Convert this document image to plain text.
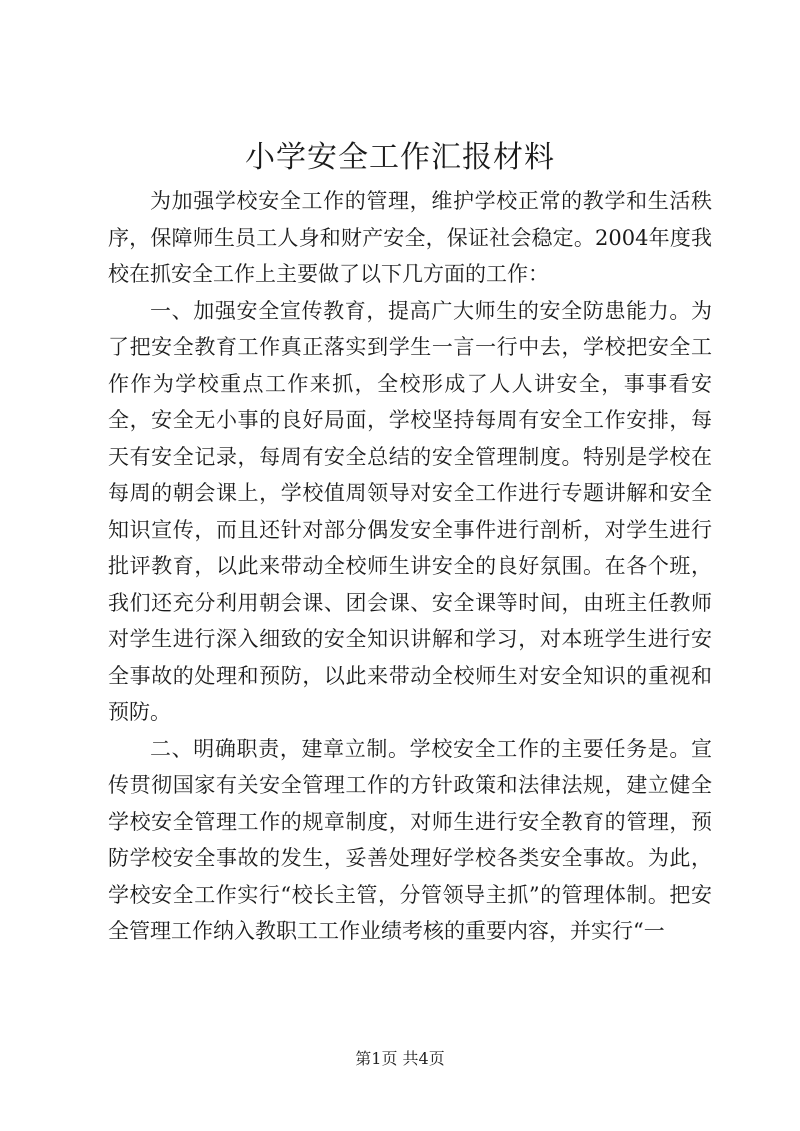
小学安全工作汇报材料

为加强学校安全工作的管理，维护学校正常的教学和生活秩序，保障师生员工人身和财产安全，保证社会稳定。2004年度我校在抓安全工作上主要做了以下几方面的工作：

一、加强安全宣传教育，提高广大师生的安全防患能力。为了把安全教育工作真正落实到学生一言一行中去，学校把安全工作作为学校重点工作来抓，全校形成了人人讲安全，事事看安全，安全无小事的良好局面，学校坚持每周有安全工作安排，每天有安全记录，每周有安全总结的安全管理制度。特别是学校在每周的朝会课上，学校值周领导对安全工作进行专题讲解和安全知识宣传，而且还针对部分偶发安全事件进行剖析，对学生进行批评教育，以此来带动全校师生讲安全的良好氛围。在各个班，我们还充分利用朝会课、团会课、安全课等时间，由班主任教师对学生进行深入细致的安全知识讲解和学习，对本班学生进行安全事故的处理和预防，以此来带动全校师生对安全知识的重视和预防。

二、明确职责，建章立制。学校安全工作的主要任务是。宣传贯彻国家有关安全管理工作的方针政策和法律法规，建立健全学校安全管理工作的规章制度，对师生进行安全教育的管理，预防学校安全事故的发生，妥善处理好学校各类安全事故。为此，学校安全工作实行“校长主管，分管领导主抓”的管理体制。把安全管理工作纳入教职工工作业绩考核的重要内容，并实行“一

第1页 共4页
